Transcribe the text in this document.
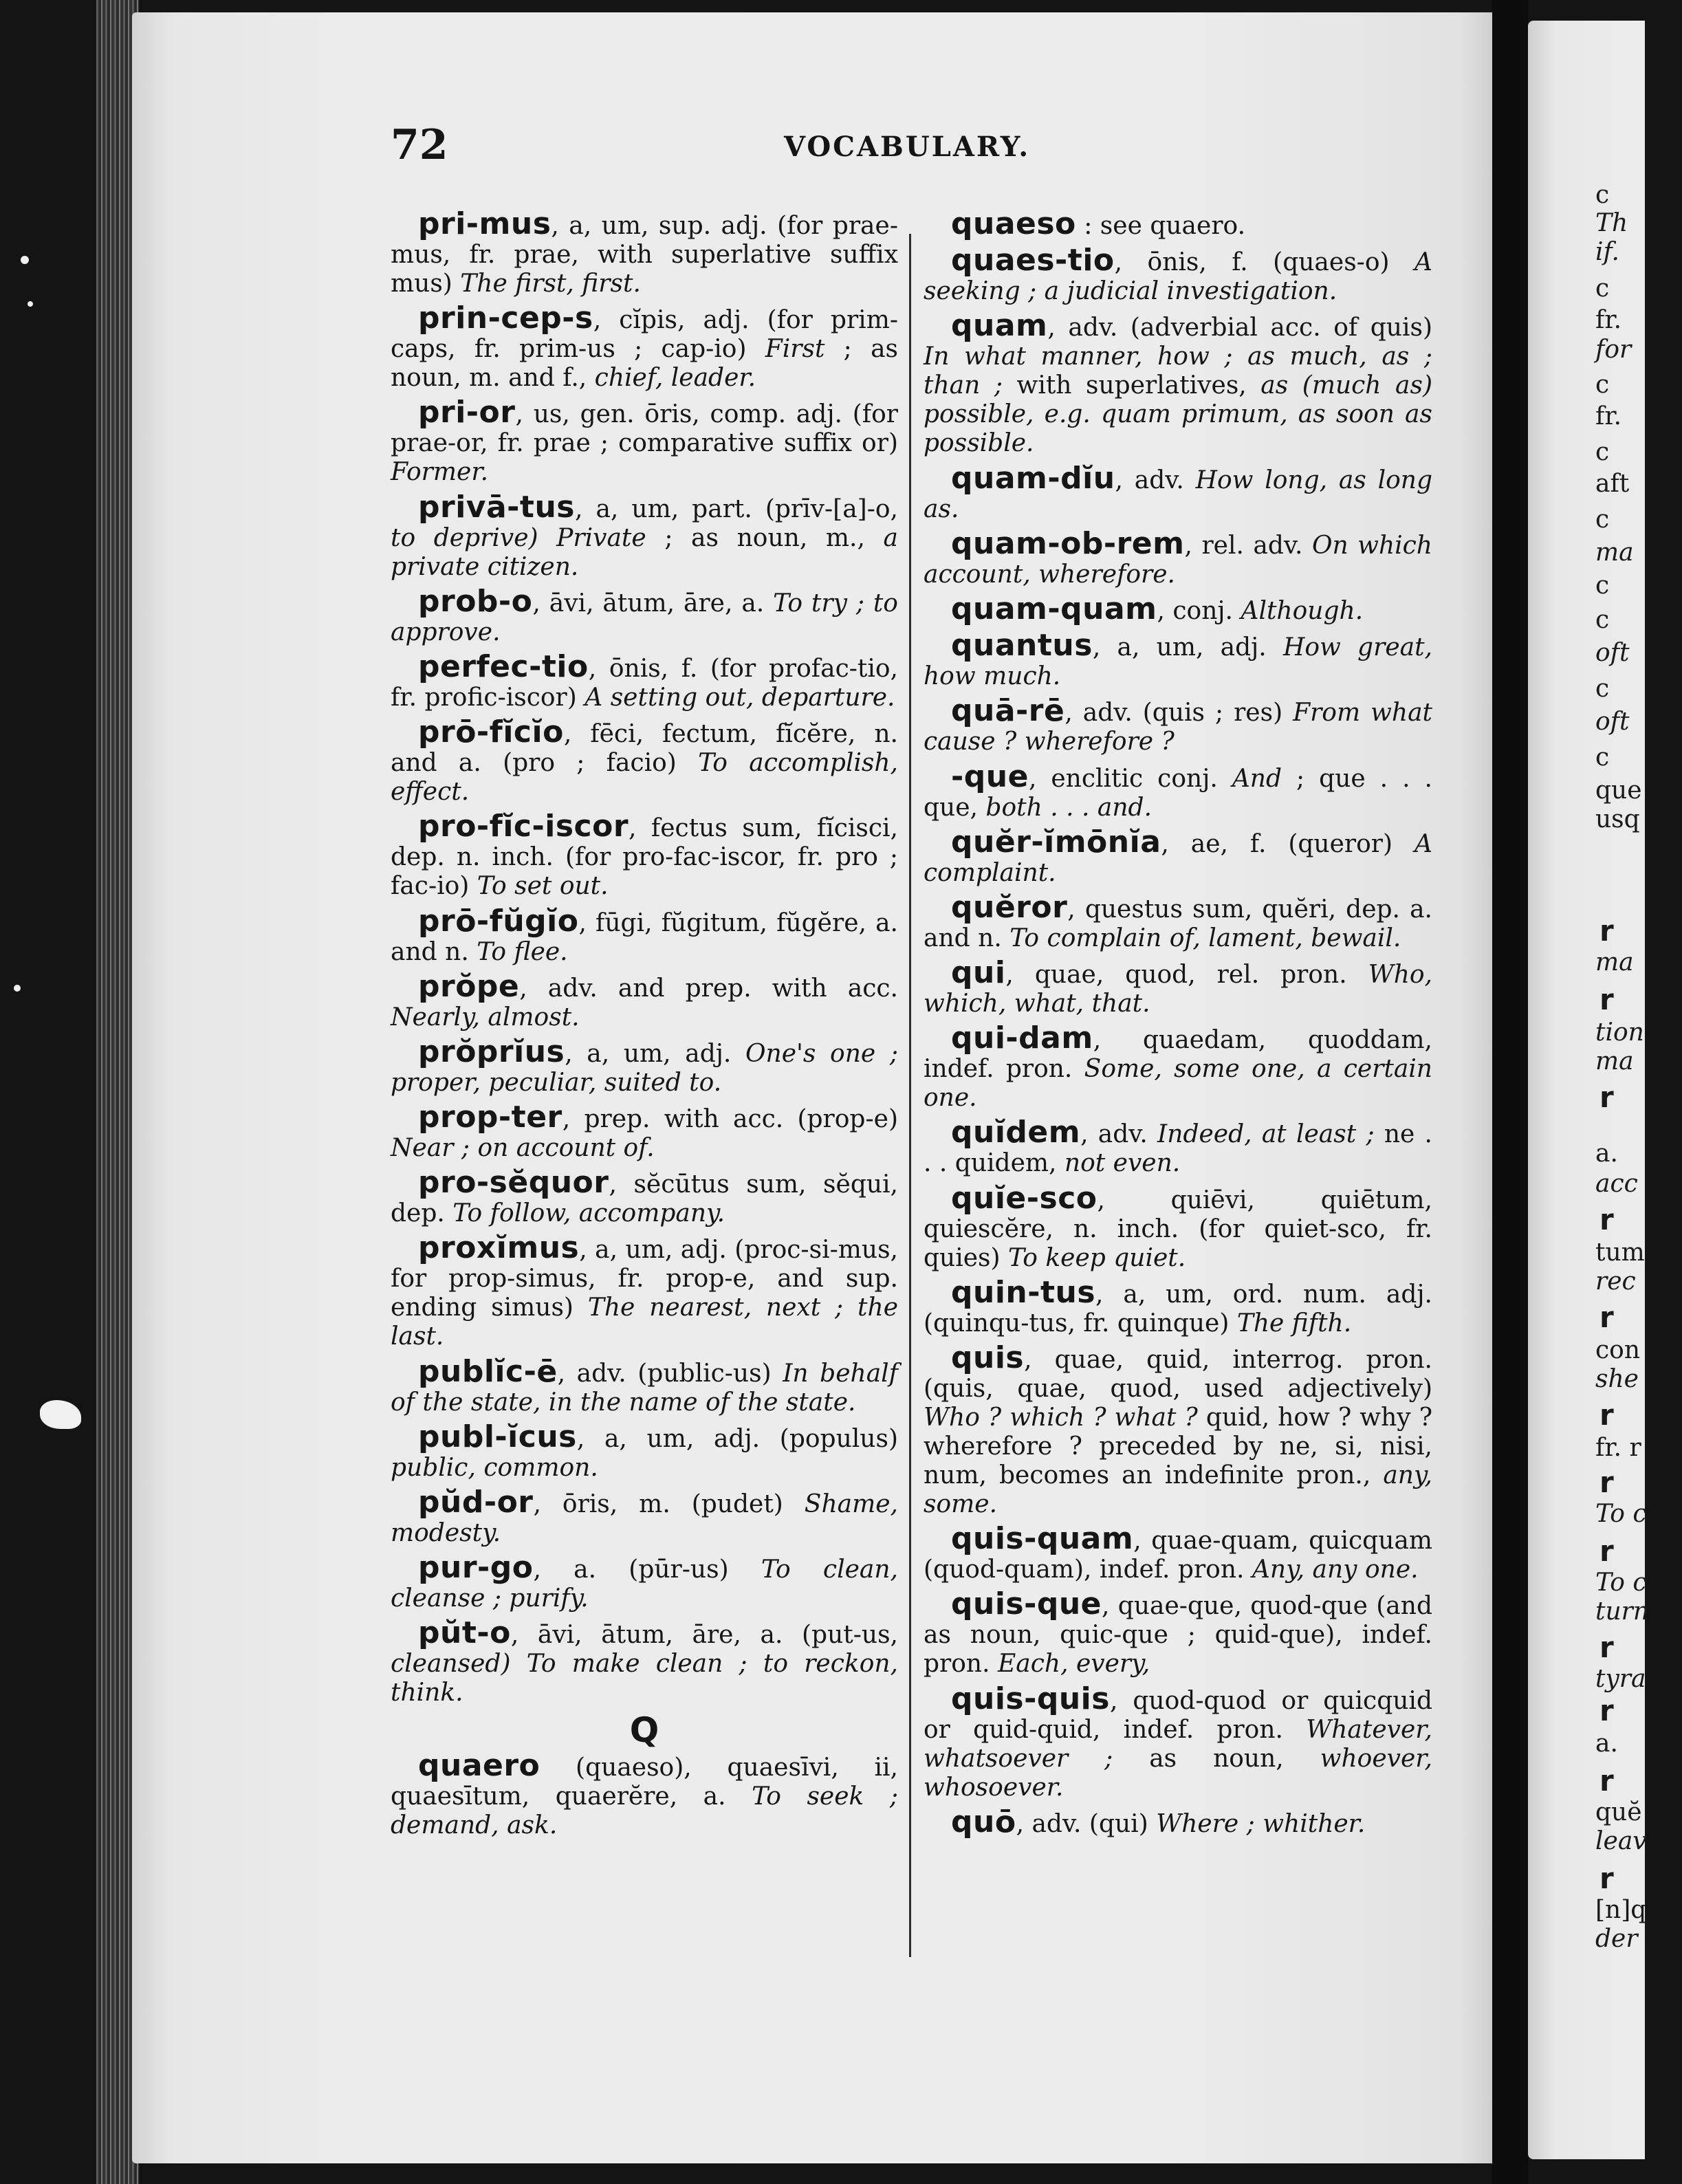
c
Th
if.
c
fr.
for
c
fr.
c
aft
c
ma
c
c
oft
c
oft
c
que
usq
r
ma
r
tion
ma
r
a.
acc
r
tum
rec
r
con
she
r
fr. r
r
To c
r
To c
turn
r
tyra
r
a.
r
quĕ
leav
r
[n]q
der
72	VOCABULARY.

pri-mus, a, um, sup. adj. (for prae-mus, fr. prae, with superlative suffix mus) The first, first.

prin-cep-s, cĭpis, adj. (for prim-caps, fr. prim-us ; cap-io) First ; as noun, m. and f., chief, leader.

pri-or, us, gen. ōris, comp. adj. (for prae-or, fr. prae ; comparative suffix or) Former.

privā-tus, a, um, part. (prīv-[a]-o, to deprive) Private ; as noun, m., a private citizen.

prob-o, āvi, ātum, āre, a. To try ; to approve.

perfec-tio, ōnis, f. (for profac-tio, fr. profic-iscor) A setting out, departure.

prō-fĭcĭo, fēci, fectum, fĭcĕre, n. and a. (pro ; facio) To accomplish, effect.

pro-fĭc-iscor, fectus sum, fĭcisci, dep. n. inch. (for pro-fac-iscor, fr. pro ; fac-io) To set out.

prō-fŭgĭo, fūgi, fŭgitum, fŭgĕre, a. and n. To flee.

prŏpe, adv. and prep. with acc. Nearly, almost.

prŏprĭus, a, um, adj. One's one ; proper, peculiar, suited to.

prop-ter, prep. with acc. (prop-e) Near ; on account of.

pro-sĕquor, sĕcūtus sum, sĕqui, dep. To follow, accompany.

proxĭmus, a, um, adj. (proc-si-mus, for prop-simus, fr. prop-e, and sup. ending simus) The nearest, next ; the last.

publĭc-ē, adv. (public-us) In behalf of the state, in the name of the state.

publ-ĭcus, a, um, adj. (populus) public, common.

pŭd-or, ōris, m. (pudet) Shame, modesty.

pur-go, a. (pūr-us) To clean, cleanse ; purify.

pŭt-o, āvi, ātum, āre, a. (put-us, cleansed) To make clean ; to reckon, think.

Q

quaero (quaeso), quaesīvi, ii, quaesītum, quaerĕre, a. To seek ; demand, ask.

quaeso : see quaero.

quaes-tio, ōnis, f. (quaes-o) A seeking ; a judicial investigation.

quam, adv. (adverbial acc. of quis) In what manner, how ; as much, as ; than ; with superlatives, as (much as) possible, e.g. quam primum, as soon as possible.

quam-dĭu, adv. How long, as long as.

quam-ob-rem, rel. adv. On which account, wherefore.

quam-quam, conj. Although.

quantus, a, um, adj. How great, how much.

quā-rē, adv. (quis ; res) From what cause ? wherefore ?

-que, enclitic conj. And ; que . . . que, both . . . and.

quĕr-ĭmōnĭa, ae, f. (queror) A complaint.

quĕror, questus sum, quĕri, dep. a. and n. To complain of, lament, bewail.

qui, quae, quod, rel. pron. Who, which, what, that.

qui-dam, quaedam, quoddam, indef. pron. Some, some one, a certain one.

quĭdem, adv. Indeed, at least ; ne . . . quidem, not even.

quĭe-sco, quiēvi, quiētum, quiescĕre, n. inch. (for quiet-sco, fr. quies) To keep quiet.

quin-tus, a, um, ord. num. adj. (quinqu-tus, fr. quinque) The fifth.

quis, quae, quid, interrog. pron. (quis, quae, quod, used adjectively) Who ? which ? what ? quid, how ? why ? wherefore ? preceded by ne, si, nisi, num, becomes an indefinite pron., any, some.

quis-quam, quae-quam, quicquam (quod-quam), indef. pron. Any, any one.

quis-que, quae-que, quod-que (and as noun, quic-que ; quid-que), indef. pron. Each, every,

quis-quis, quod-quod or quicquid or quid-quid, indef. pron. Whatever, whatsoever ; as noun, whoever, whosoever.

quō, adv. (qui) Where ; whither.
